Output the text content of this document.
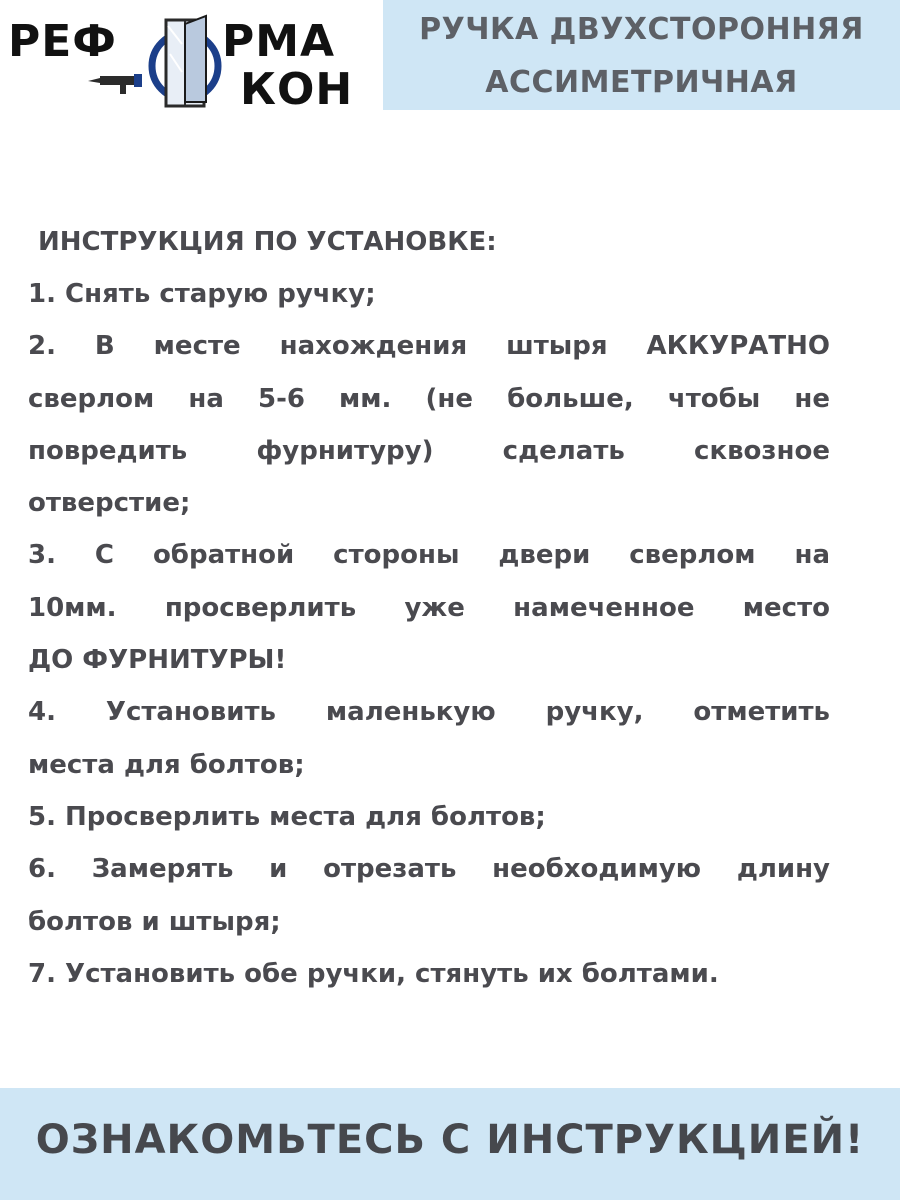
РЕФ РМА
КОН
РУЧКА ДВУХСТОРОННЯЯ
АССИМЕТРИЧНАЯ
ИНСТРУКЦИЯ ПО УСТАНОВКЕ:
1. Снять старую ручку;
2. В месте нахождения штыря АККУРАТНО
сверлом на 5-6 мм. (не больше, чтобы не
повредить фурнитуру) сделать сквозное
отверстие;
3. С обратной стороны двери сверлом на
10мм. просверлить уже намеченное место
ДО ФУРНИТУРЫ!
4. Установить маленькую ручку, отметить
места для болтов;
5. Просверлить места для болтов;
6. Замерять и отрезать необходимую длину
болтов и штыря;
7. Установить обе ручки, стянуть их болтами.
ОЗНАКОМЬТЕСЬ С ИНСТРУКЦИЕЙ!
